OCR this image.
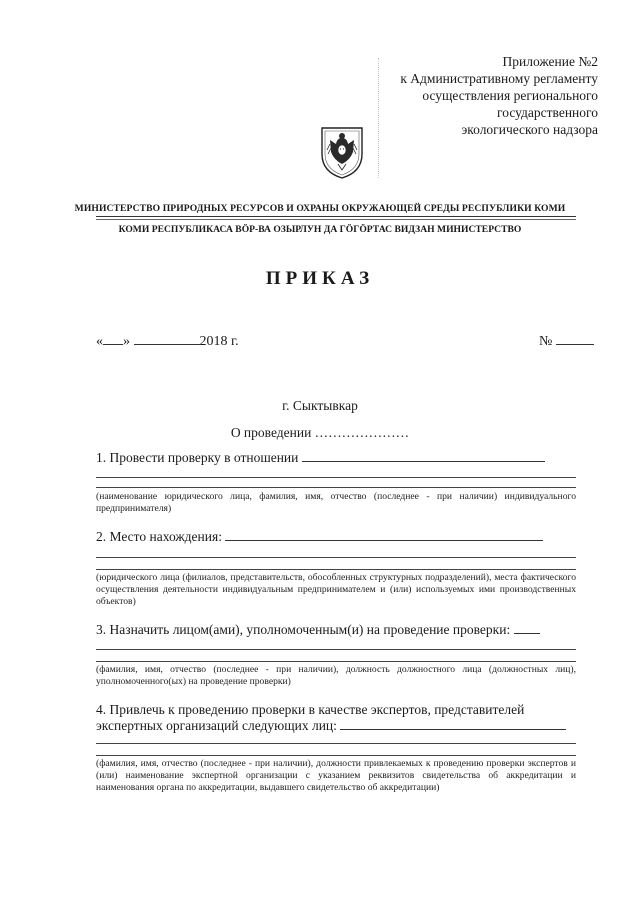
Приложение №2
к Административному регламенту
осуществления регионального
государственного
экологического надзора
МИНИСТЕРСТВО ПРИРОДНЫХ РЕСУРСОВ И ОХРАНЫ ОКРУЖАЮЩЕЙ СРЕДЫ РЕСПУБЛИКИ КОМИ
КОМИ РЕСПУБЛИКАСА ВӦР-ВА ОЗЫРЛУН ДА ГӦГӦРТАС ВИДЗАН МИНИСТЕРСТВО
ПРИКАЗ
« »	2018 г.	№
г. Сыктывкар
О проведении …………………
1. Провести проверку в отношении
(наименование юридического лица, фамилия, имя, отчество (последнее - при наличии) индивидуального предпринимателя)
2. Место нахождения:
(юридического лица (филиалов, представительств, обособленных структурных подразделений), места фактического осуществления деятельности индивидуальным предпринимателем и (или) используемых ими производственных объектов)
3. Назначить лицом(ами), уполномоченным(и) на проведение проверки:
(фамилия, имя, отчество (последнее - при наличии), должность должностного лица (должностных лиц), уполномоченного(ых) на проведение проверки)
4. Привлечь к проведению проверки в качестве экспертов, представителей
экспертных организаций следующих лиц:
(фамилия, имя, отчество (последнее - при наличии), должности привлекаемых к проведению проверки экспертов и (или) наименование экспертной организации с указанием реквизитов свидетельства об аккредитации и наименования органа по аккредитации, выдавшего свидетельство об аккредитации)
